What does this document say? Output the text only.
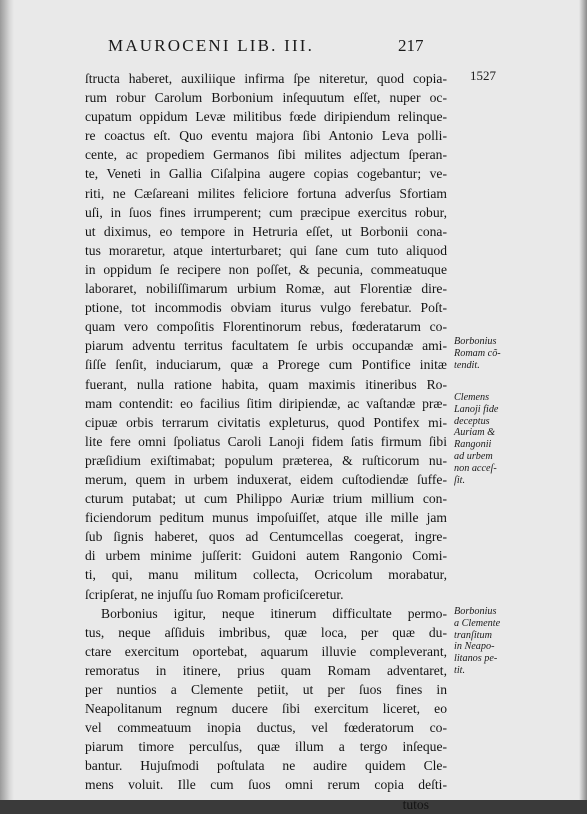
MAUROCENI LIB. III.	217
1527
ſtructa haberet, auxiliique infirma ſpe niteretur, quod copia-
rum robur Carolum Borbonium inſequutum eſſet, nuper oc-
cupatum oppidum Levæ militibus fœde diripiendum relinque-
re coactus eſt. Quo eventu majora ſibi Antonio Leva polli-
cente, ac propediem Germanos ſibi milites adjectum ſperan-
te, Veneti in Gallia Ciſalpina augere copias cogebantur; ve-
riti, ne Cæſareani milites feliciore fortuna adverſus Sfortiam
uſi, in ſuos fines irrumperent; cum præcipue exercitus robur,
ut diximus, eo tempore in Hetruria eſſet, ut Borbonii cona-
tus moraretur, atque interturbaret; qui ſane cum tuto aliquod
in oppidum ſe recipere non poſſet, & pecunia, commeatuque
laboraret, nobiliſſimarum urbium Romæ, aut Florentiæ dire-
ptione, tot incommodis obviam iturus vulgo ferebatur. Poſt-
quam vero compoſitis Florentinorum rebus, fœderatarum co-
piarum adventu territus facultatem ſe urbis occupandæ ami-
ſiſſe ſenſit, induciarum, quæ a Prorege cum Pontifice initæ
fuerant, nulla ratione habita, quam maximis itineribus Ro-
mam contendit: eo facilius ſitim diripiendæ, ac vaſtandæ præ-
cipuæ orbis terrarum civitatis expleturus, quod Pontifex mi-
lite fere omni ſpoliatus Caroli Lanoji fidem ſatis firmum ſibi
præſidium exiſtimabat; populum præterea, & ruſticorum nu-
merum, quem in urbem induxerat, eidem cuſtodiendæ ſuffe-
cturum putabat; ut cum Philippo Auriæ trium millium con-
ficiendorum peditum munus impoſuiſſet, atque ille mille jam
ſub ſignis haberet, quos ad Centumcellas coegerat, ingre-
di urbem minime juſſerit: Guidoni autem Rangonio Comi-
ti, qui, manu militum collecta, Ocricolum morabatur,
ſcripſerat, ne injuſſu ſuo Romam proficiſceretur.
Borbonius igitur, neque itinerum difficultate permo-
tus, neque aſſiduis imbribus, quæ loca, per quæ du-
ctare exercitum oportebat, aquarum illuvie compleverant,
remoratus in itinere, prius quam Romam adventaret,
per nuntios a Clemente petiit, ut per ſuos fines in
Neapolitanum regnum ducere ſibi exercitum liceret, eo
vel commeatuum inopia ductus, vel fœderatorum co-
piarum timore perculſus, quæ illum a tergo inſeque-
bantur. Hujuſmodi poſtulata ne audire quidem Cle-
mens voluit. Ille cum ſuos omni rerum copia deſti-
tutos
Borbonius
Romam cõ-
tendit.
Clemens
Lanoji fide
deceptus
Auriam &
Rangonii
ad urbem
non acceſ-
ſit.
Borbonius
a Clemente
tranſitum
in Neapo-
litanos pe-
tit.
